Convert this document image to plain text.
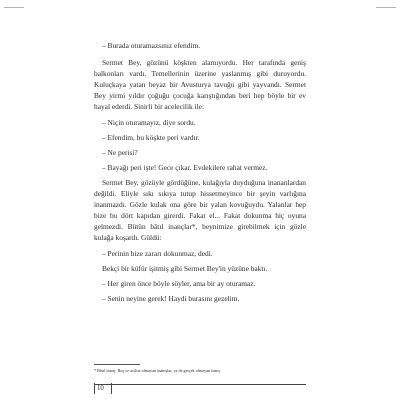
– Burada oturamazsınız efendim.

Sermet Bey, gözünü köşkten alamıyordu. Her tarafında geniş balkonları vardı. Temellerinin üzerine yaslanmış gibi duruyordu. Kuluçkaya yatan beyaz bir Avusturya tavuğu gibi yayvandı. Sermet Bey yirmi yıldır çoğuğu çocuğa karıştığından beri hep böyle bir ev hayal ederdi. Sinirli bir acelecilik ile:

– Niçin oturamayız, diye sordu.

– Efendim, bu köşkte peri vardır.

– Ne perisi?

– Bayağı peri işte! Gece çıkar. Evdekilere rahat vermez.

Sermet Bey, gözüyle gördüğüne, kulağıyla duyduğuna inananlardan değildi. Eliyle sıkı sıkıya tutup hissetmeyince bir şeyin varlığına inanmazdı. Gözle kulak ona göre bir yalan kovuğuydu. Yalanlar hep bize bu dört kapıdan girerdi. Fakat el... Fakat dokunma hiç oyuna gelmezdi. Bütün bâtıl inançlar*, beynimize girebilmek için gözle kulağa koşardı. Güldü:

– Perinin bize zararı dokunmaz, dedi.

Bekçi bir küfür işitmiş gibi Sermet Bey'in yüzüne baktı.

– Her giren önce böyle söyler, ama bir ay oturamaz.

– Senin neyine gerek! Haydi burasını gezelim.

* Bâtıl inanç: Boş ve asılsız olmayan inanışlar, ya da gerçek olmayan inanç.
10
